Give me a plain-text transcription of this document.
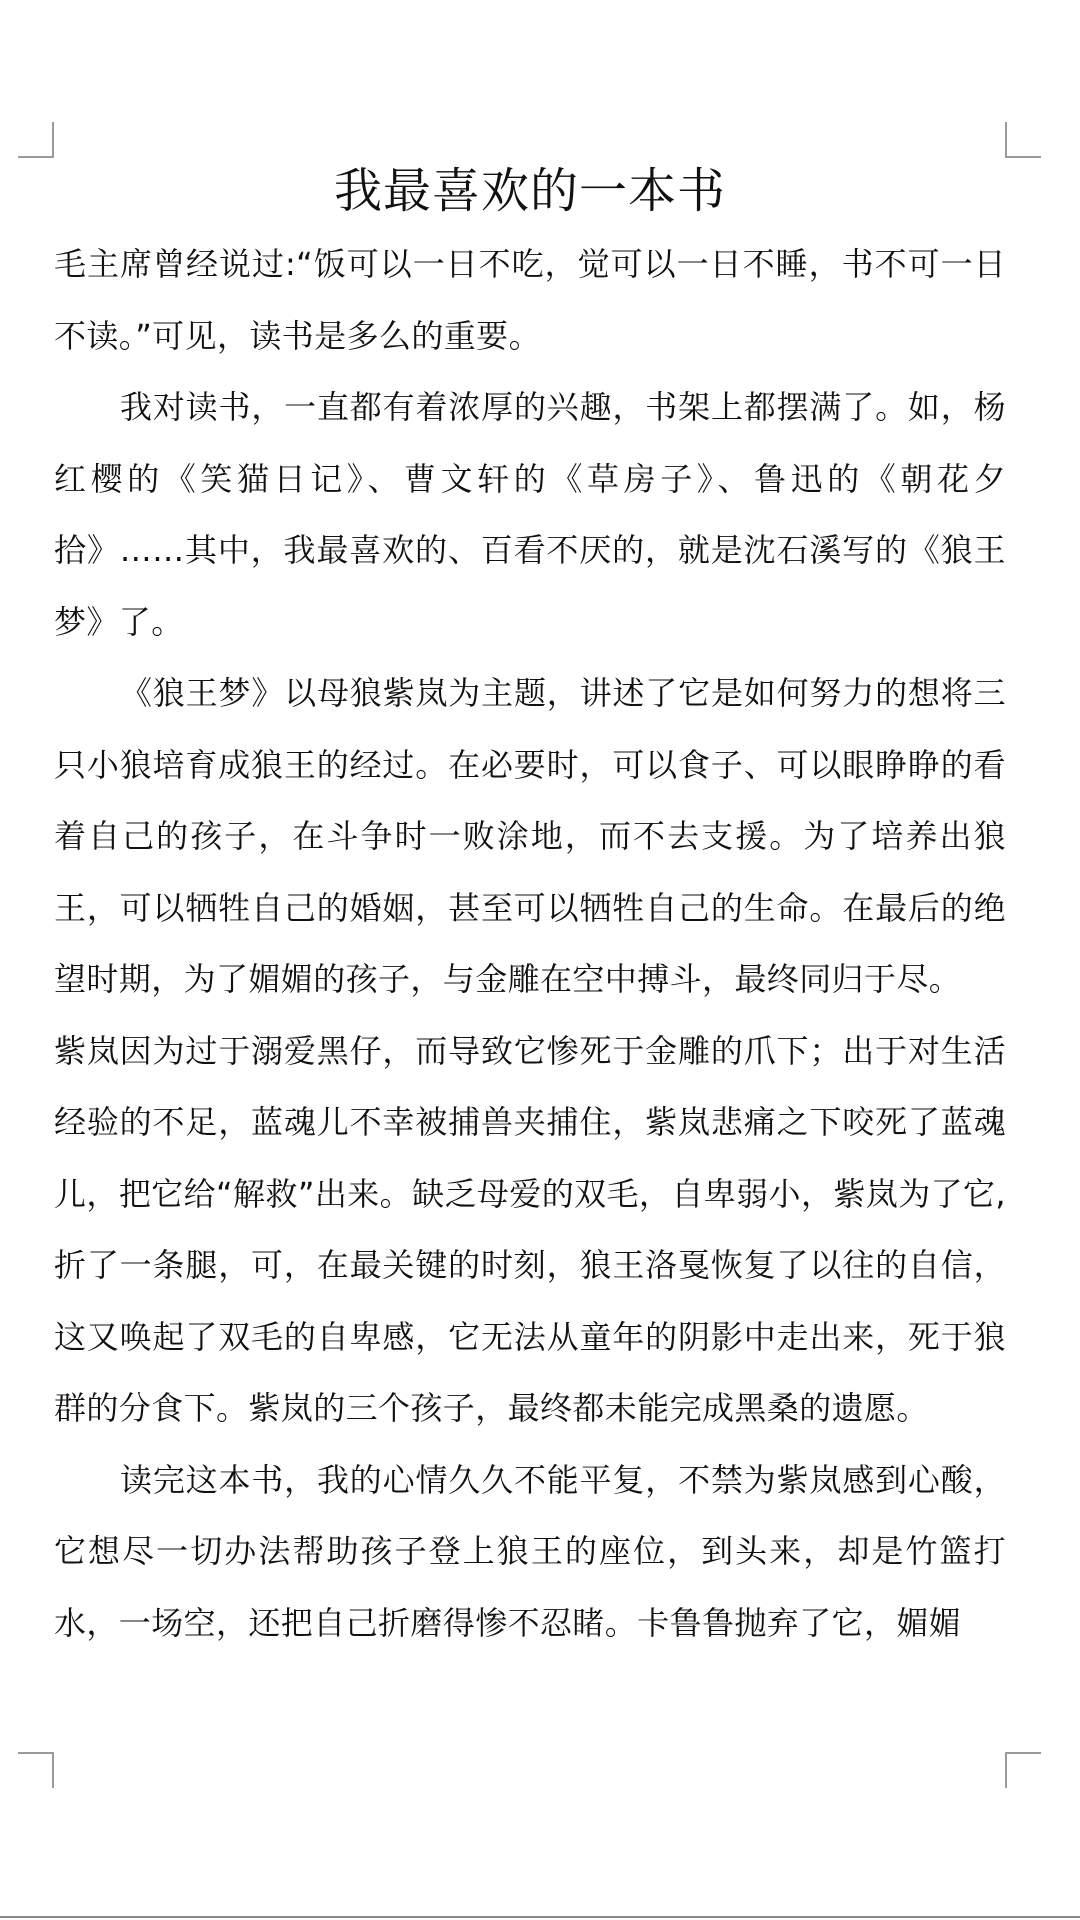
我最喜欢的一本书

毛主席曾经说过:“饭可以一日不吃，觉可以一日不睡，书不可一日不读。”可见，读书是多么的重要。

我对读书，一直都有着浓厚的兴趣，书架上都摆满了。如，杨红樱的《笑猫日记》、曹文轩的《草房子》、鲁迅的《朝花夕拾》……其中，我最喜欢的、百看不厌的，就是沈石溪写的《狼王梦》了。

《狼王梦》以母狼紫岚为主题，讲述了它是如何努力的想将三只小狼培育成狼王的经过。在必要时，可以食子、可以眼睁睁的看着自己的孩子，在斗争时一败涂地，而不去支援。为了培养出狼王，可以牺牲自己的婚姻，甚至可以牺牲自己的生命。在最后的绝望时期，为了媚媚的孩子，与金雕在空中搏斗，最终同归于尽。

紫岚因为过于溺爱黑仔，而导致它惨死于金雕的爪下；出于对生活经验的不足，蓝魂儿不幸被捕兽夹捕住，紫岚悲痛之下咬死了蓝魂儿，把它给“解救”出来。缺乏母爱的双毛，自卑弱小，紫岚为了它,折了一条腿，可，在最关键的时刻，狼王洛戛恢复了以往的自信，这又唤起了双毛的自卑感，它无法从童年的阴影中走出来，死于狼群的分食下。紫岚的三个孩子，最终都未能完成黑桑的遗愿。

读完这本书，我的心情久久不能平复，不禁为紫岚感到心酸，它想尽一切办法帮助孩子登上狼王的座位，到头来，却是竹篮打水，一场空，还把自己折磨得惨不忍睹。卡鲁鲁抛弃了它，媚媚
